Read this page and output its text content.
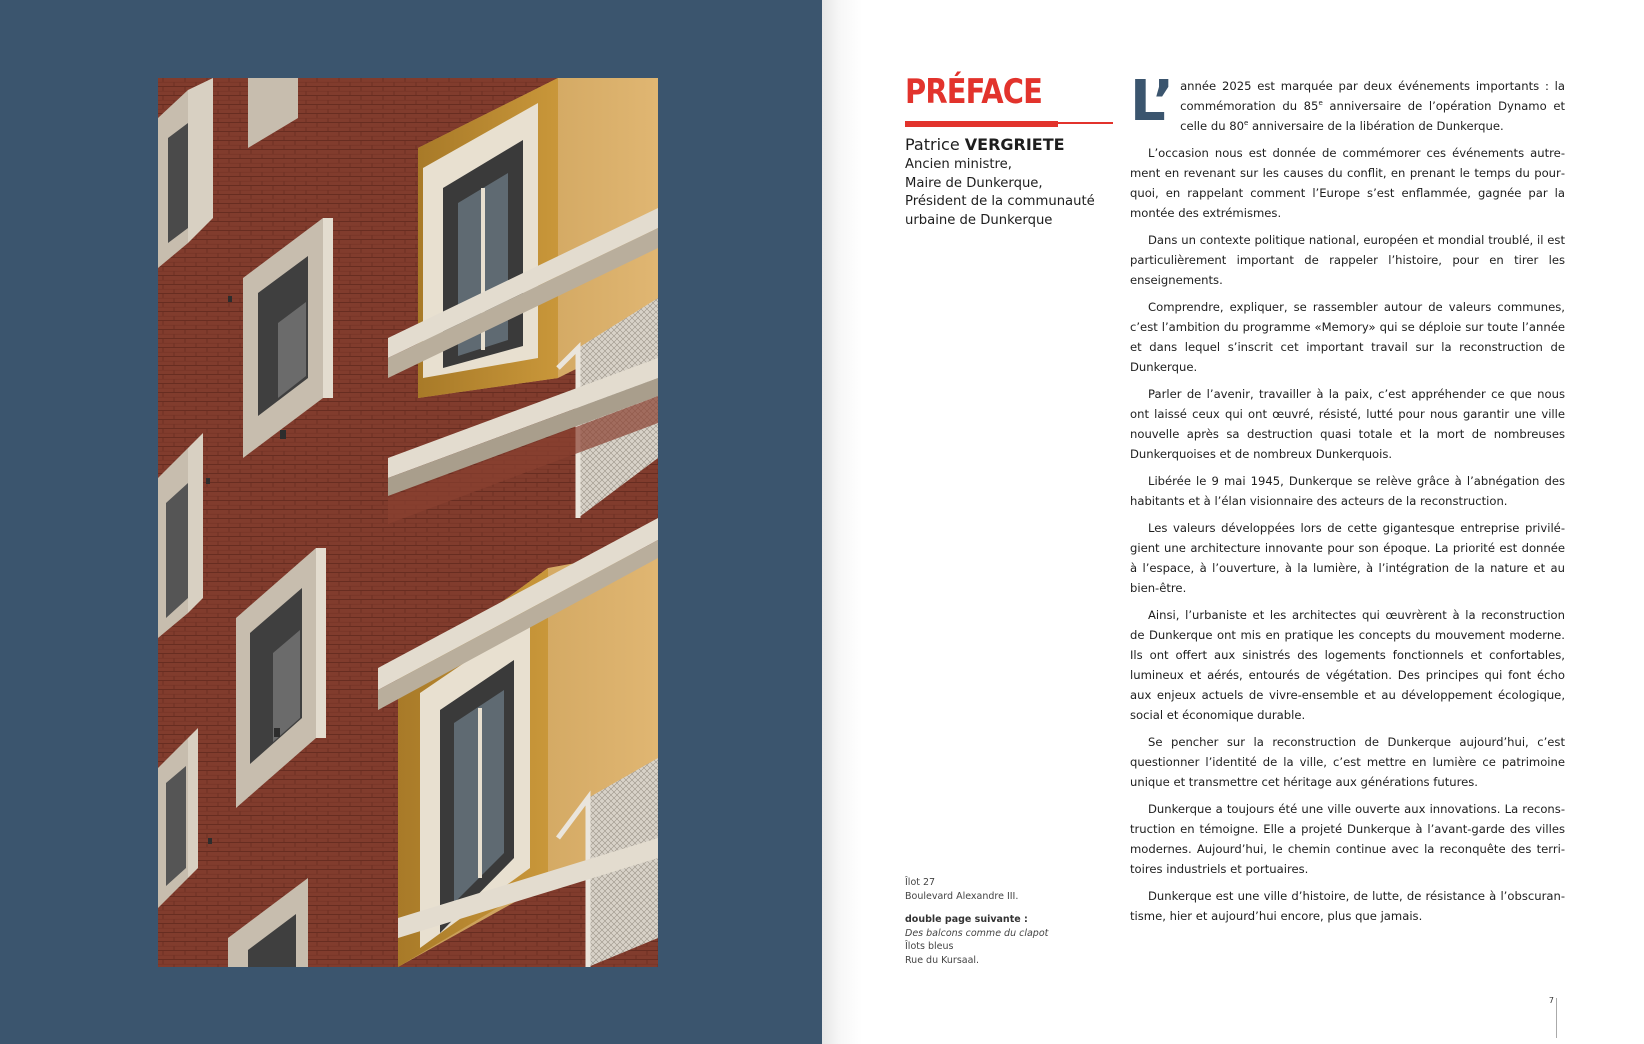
PRÉFACE
Patrice VERGRIETE
Ancien ministre,
Maire de Dunkerque,
Président de la communauté
urbaine de Dunkerque
Îlot 27
Boulevard Alexandre III.
double page suivante :
Des balcons comme du clapot
Îlots bleus
Rue du Kursaal.

L’ année 2025 est marquée par deux événements importants : la commémoration du 85e anniversaire de l’opération Dynamo et celle du 80e anniversaire de la libération de Dunkerque.

L’occasion nous est donnée de commémorer ces événements autrement en revenant sur les causes du conflit, en prenant le temps du pourquoi, en rappelant comment l’Europe s’est enflammée, gagnée par la montée des extrémismes.

Dans un contexte politique national, européen et mondial troublé, il est particulièrement important de rappeler l’histoire, pour en tirer les enseignements.

Comprendre, expliquer, se rassembler autour de valeurs communes, c’est l’ambition du programme «Memory» qui se déploie sur toute l’année et dans lequel s’inscrit cet important travail sur la reconstruction de Dunkerque.

Parler de l’avenir, travailler à la paix, c’est appréhender ce que nous ont laissé ceux qui ont œuvré, résisté, lutté pour nous garantir une ville nouvelle après sa destruction quasi totale et la mort de nombreuses Dunkerquoises et de nombreux Dunkerquois.

Libérée le 9 mai 1945, Dunkerque se relève grâce à l’abnégation des habitants et à l’élan visionnaire des acteurs de la reconstruction.

Les valeurs développées lors de cette gigantesque entreprise privilégient une architecture innovante pour son époque. La priorité est donnée à l’espace, à l’ouverture, à la lumière, à l’intégration de la nature et au bien-être.

Ainsi, l’urbaniste et les architectes qui œuvrèrent à la reconstruction de Dunkerque ont mis en pratique les concepts du mouvement moderne. Ils ont offert aux sinistrés des logements fonctionnels et confortables, lumineux et aérés, entourés de végétation. Des principes qui font écho aux enjeux actuels de vivre-ensemble et au développement écologique, social et économique durable.

Se pencher sur la reconstruction de Dunkerque aujourd’hui, c’est questionner l’identité de la ville, c’est mettre en lumière ce patrimoine unique et transmettre cet héritage aux générations futures.

Dunkerque a toujours été une ville ouverte aux innovations. La reconstruction en témoigne. Elle a projeté Dunkerque à l’avant-garde des villes modernes. Aujourd’hui, le chemin continue avec la reconquête des territoires industriels et portuaires.

Dunkerque est une ville d’histoire, de lutte, de résistance à l’obscurantisme, hier et aujourd’hui encore, plus que jamais.

7
